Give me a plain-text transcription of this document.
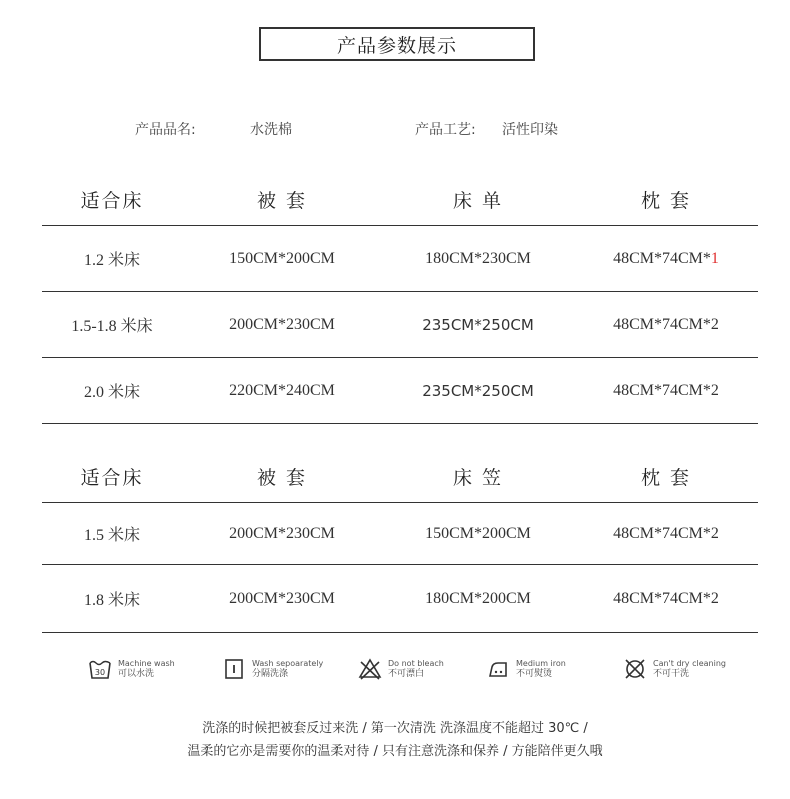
产品参数展示
产品品名:	水洗棉	产品工艺: 活性印染
适合床	被 套	床 单	枕 套
1.2 米床	150CM*200CM	180CM*230CM	48CM*74CM*1
1.5-1.8 米床	200CM*230CM	235CM*250CM	48CM*74CM*2
2.0 米床	220CM*240CM	235CM*250CM	48CM*74CM*2
适合床	被 套	床 笠	枕 套
1.5 米床	200CM*230CM	150CM*200CM	48CM*74CM*2
1.8 米床	200CM*230CM	180CM*200CM	48CM*74CM*2
30
Machine wash
可以水洗
Wash sepoarately
分隔洗涤
Do not bleach
不可漂白
Medium iron
不可熨烫
Can't dry cleaning
不可干洗
洗涤的时候把被套反过来洗 / 第一次清洗 洗涤温度不能超过 30℃ /
温柔的它亦是需要你的温柔对待 / 只有注意洗涤和保养 / 方能陪伴更久哦
